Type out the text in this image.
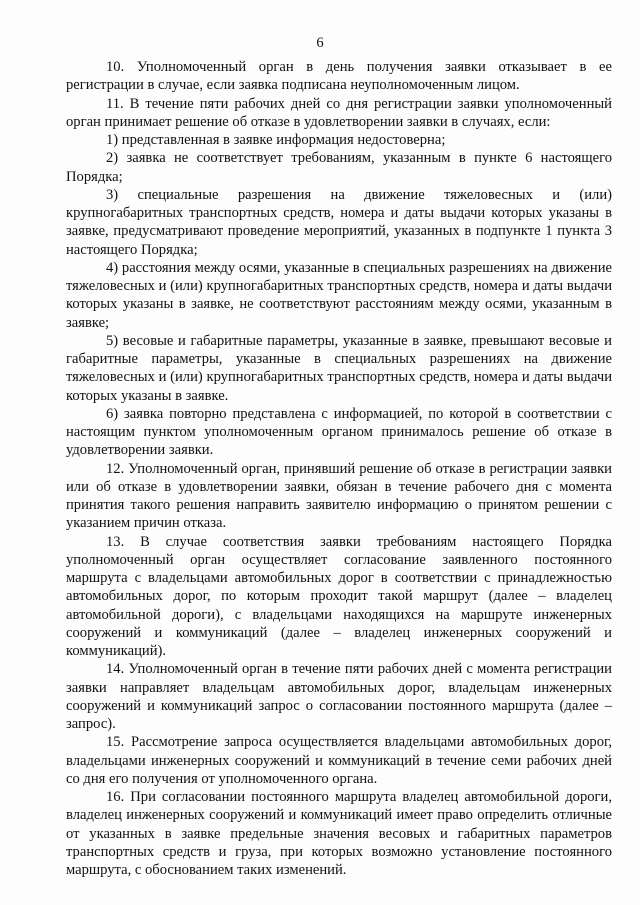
6

10. Уполномоченный орган в день получения заявки отказывает в ее регистрации в случае, если заявка подписана неуполномоченным лицом.

11. В течение пяти рабочих дней со дня регистрации заявки уполномоченный орган принимает решение об отказе в удовлетворении заявки в случаях, если:

1) представленная в заявке информация недостоверна;

2) заявка не соответствует требованиям, указанным в пункте 6 настоящего Порядка;

3) специальные разрешения на движение тяжеловесных и (или) крупногабаритных транспортных средств, номера и даты выдачи которых указаны в заявке, предусматривают проведение мероприятий, указанных в подпункте 1 пункта 3 настоящего Порядка;

4) расстояния между осями, указанные в специальных разрешениях на движение тяжеловесных и (или) крупногабаритных транспортных средств, номера и даты выдачи которых указаны в заявке, не соответствуют расстояниям между осями, указанным в заявке;

5) весовые и габаритные параметры, указанные в заявке, превышают весовые и габаритные параметры, указанные в специальных разрешениях на движение тяжеловесных и (или) крупногабаритных транспортных средств, номера и даты выдачи которых указаны в заявке.

6) заявка повторно представлена с информацией, по которой в соответствии с настоящим пунктом уполномоченным органом принималось решение об отказе в удовлетворении заявки.

12. Уполномоченный орган, принявший решение об отказе в регистрации заявки или об отказе в удовлетворении заявки, обязан в течение рабочего дня с момента принятия такого решения направить заявителю информацию о принятом решении с указанием причин отказа.

13. В случае соответствия заявки требованиям настоящего Порядка уполномоченный орган осуществляет согласование заявленного постоянного маршрута с владельцами автомобильных дорог в соответствии с принадлежностью автомобильных дорог, по которым проходит такой маршрут (далее – владелец автомобильной дороги), с владельцами находящихся на маршруте инженерных сооружений и коммуникаций (далее – владелец инженерных сооружений и коммуникаций).

14. Уполномоченный орган в течение пяти рабочих дней с момента регистрации заявки направляет владельцам автомобильных дорог, владельцам инженерных сооружений и коммуникаций запрос о согласовании постоянного маршрута (далее – запрос).

15. Рассмотрение запроса осуществляется владельцами автомобильных дорог, владельцами инженерных сооружений и коммуникаций в течение семи рабочих дней со дня его получения от уполномоченного органа.

16. При согласовании постоянного маршрута владелец автомобильной дороги, владелец инженерных сооружений и коммуникаций имеет право определить отличные от указанных в заявке предельные значения весовых и габаритных параметров транспортных средств и груза, при которых возможно установление постоянного маршрута, с обоснованием таких изменений.
